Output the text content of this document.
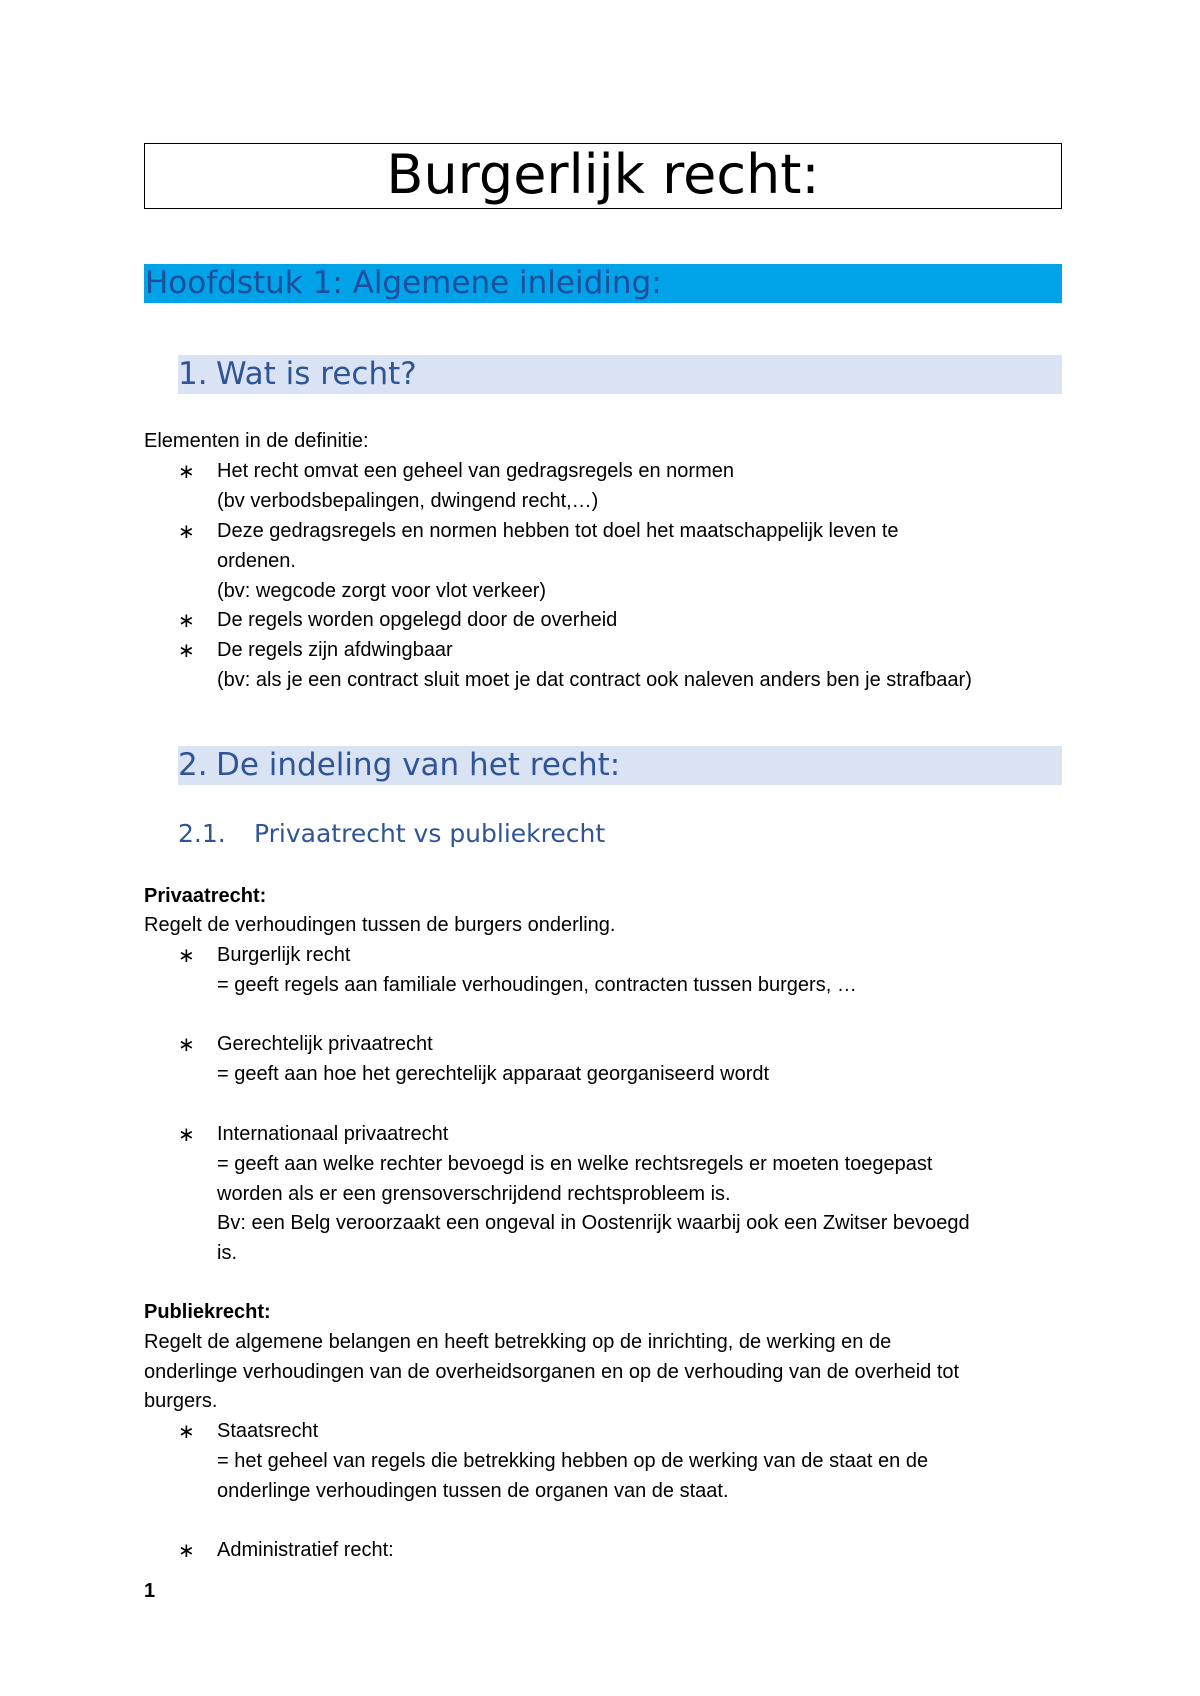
Burgerlijk recht:
Hoofdstuk 1: Algemene inleiding:
1. Wat is recht?
Elementen in de definitie:
∗ Het recht omvat een geheel van gedragsregels en normen
(bv verbodsbepalingen, dwingend recht,…)
∗ Deze gedragsregels en normen hebben tot doel het maatschappelijk leven te
ordenen.
(bv: wegcode zorgt voor vlot verkeer)
∗ De regels worden opgelegd door de overheid
∗ De regels zijn afdwingbaar
(bv: als je een contract sluit moet je dat contract ook naleven anders ben je strafbaar)
2. De indeling van het recht:
2.1. Privaatrecht vs publiekrecht
Privaatrecht:
Regelt de verhoudingen tussen de burgers onderling.
∗ Burgerlijk recht
= geeft regels aan familiale verhoudingen, contracten tussen burgers, …
∗ Gerechtelijk privaatrecht
= geeft aan hoe het gerechtelijk apparaat georganiseerd wordt
∗ Internationaal privaatrecht
= geeft aan welke rechter bevoegd is en welke rechtsregels er moeten toegepast
worden als er een grensoverschrijdend rechtsprobleem is.
Bv: een Belg veroorzaakt een ongeval in Oostenrijk waarbij ook een Zwitser bevoegd
is.
Publiekrecht:
Regelt de algemene belangen en heeft betrekking op de inrichting, de werking en de
onderlinge verhoudingen van de overheidsorganen en op de verhouding van de overheid tot
burgers.
∗ Staatsrecht
= het geheel van regels die betrekking hebben op de werking van de staat en de
onderlinge verhoudingen tussen de organen van de staat.
∗ Administratief recht:
1
